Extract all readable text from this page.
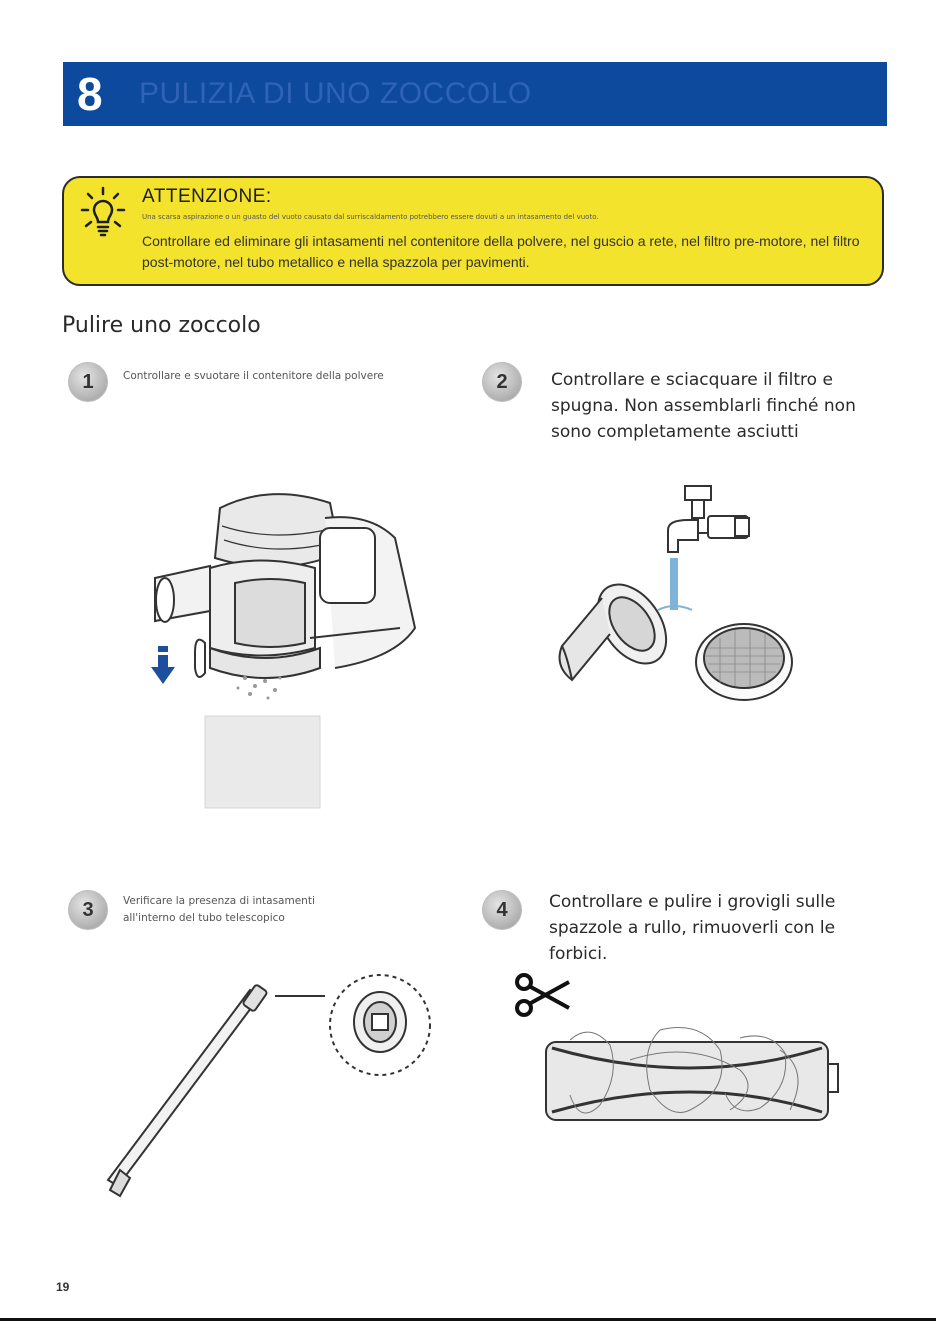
8	PULIZIA DI UNO ZOCCOLO
ATTENZIONE:
Una scarsa aspirazione o un guasto del vuoto causato dal surriscaldamento potrebbero essere dovuti a un intasamento del vuoto.
Controllare ed eliminare gli intasamenti nel contenitore della polvere, nel guscio a rete, nel filtro pre-motore, nel filtro post-motore, nel tubo metallico e nella spazzola per pavimenti.
Pulire uno zoccolo
1	Controllare e svuotare il contenitore della polvere	2	Controllare e sciacquare il filtro e spugna. Non assemblarli finché non sono completamente asciutti
3	Verificare la presenza di intasamenti
all'interno del tubo telescopico	4	Controllare e pulire i grovigli sulle spazzole a rullo, rimuoverli con le forbici.
19
